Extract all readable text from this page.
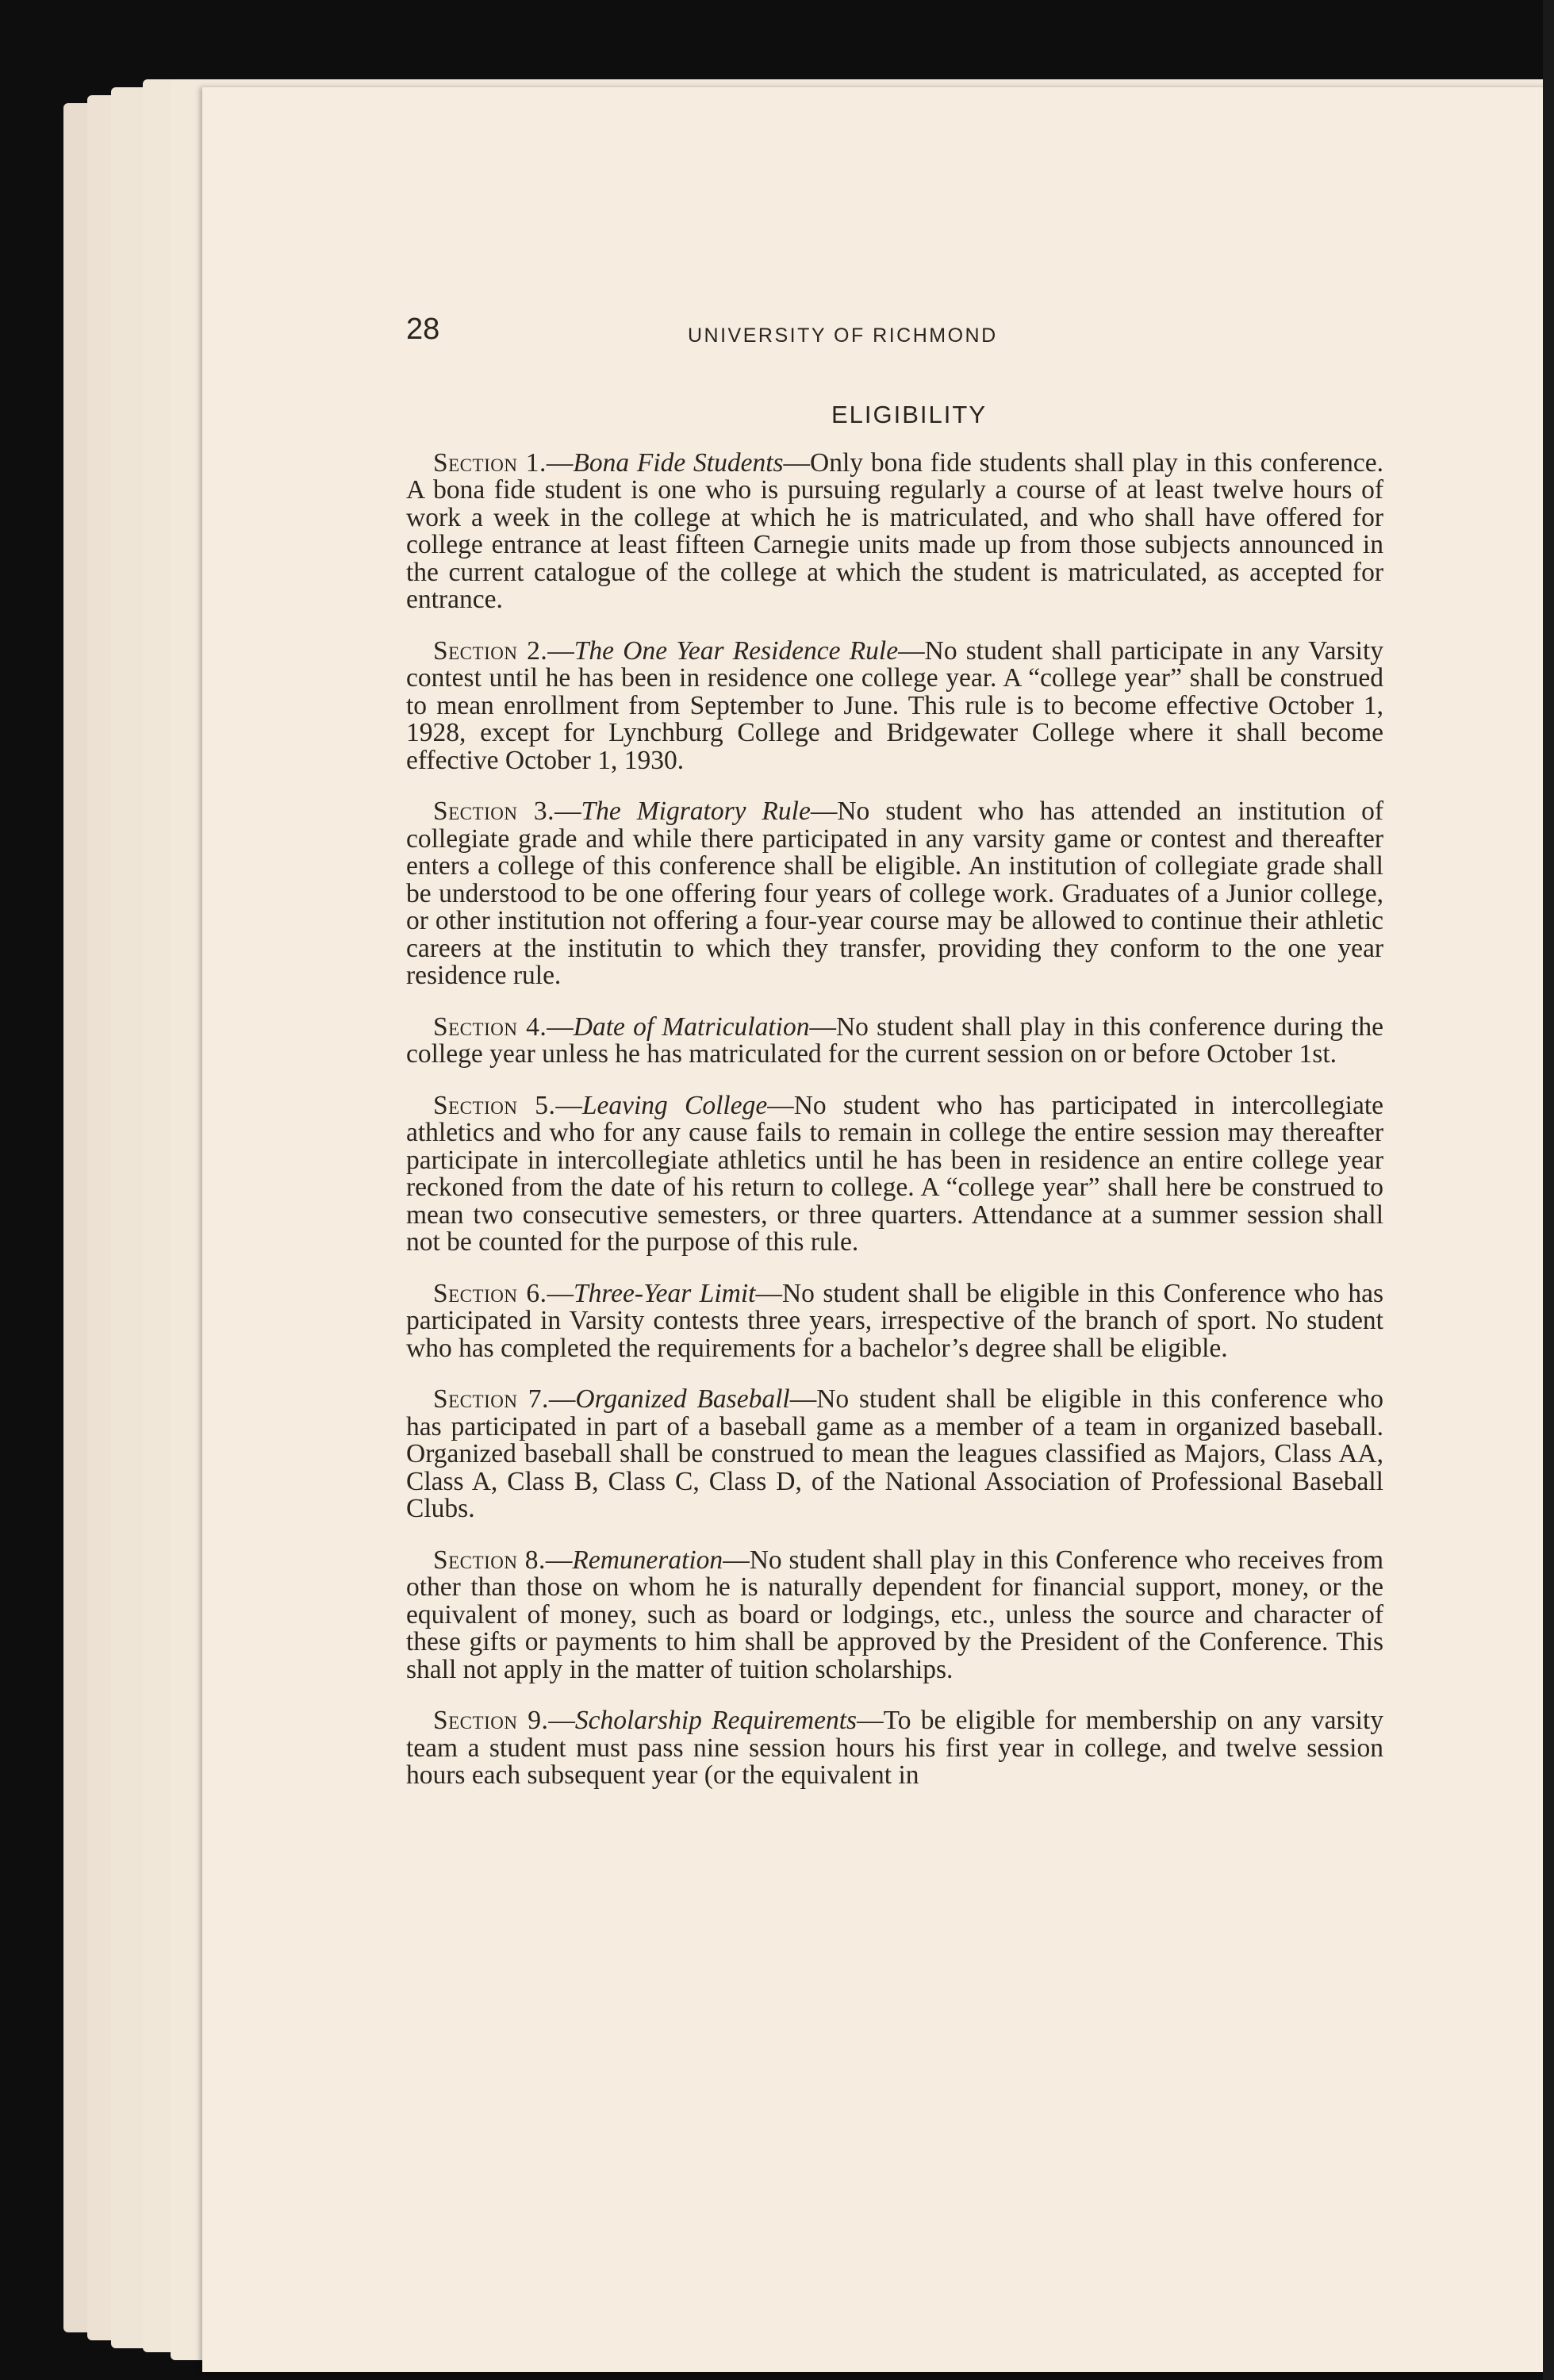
28	UNIVERSITY OF RICHMOND
ELIGIBILITY

Section 1.—Bona Fide Students—Only bona fide students shall play in this conference. A bona fide student is one who is pursuing regularly a course of at least twelve hours of work a week in the college at which he is matriculated, and who shall have offered for college entrance at least fifteen Carnegie units made up from those subjects announced in the current catalogue of the college at which the student is matriculated, as accepted for entrance.

Section 2.—The One Year Residence Rule—No student shall participate in any Varsity contest until he has been in residence one college year. A “college year” shall be construed to mean enrollment from September to June. This rule is to become effective October 1, 1928, except for Lynchburg College and Bridgewater College where it shall become effective October 1, 1930.

Section 3.—The Migratory Rule—No student who has attended an institution of collegiate grade and while there participated in any varsity game or contest and thereafter enters a college of this conference shall be eligible. An institution of collegiate grade shall be understood to be one offering four years of college work. Graduates of a Junior college, or other institution not offering a four-year course may be allowed to continue their athletic careers at the institutin to which they transfer, providing they conform to the one year residence rule.

Section 4.—Date of Matriculation—No student shall play in this conference during the college year unless he has matriculated for the current session on or before October 1st.

Section 5.—Leaving College—No student who has participated in intercollegiate athletics and who for any cause fails to remain in college the entire session may thereafter participate in intercollegiate athletics until he has been in residence an entire college year reckoned from the date of his return to college. A “college year” shall here be construed to mean two consecutive semesters, or three quarters. Attendance at a summer session shall not be counted for the purpose of this rule.

Section 6.—Three-Year Limit—No student shall be eligible in this Conference who has participated in Varsity contests three years, irrespective of the branch of sport. No student who has completed the requirements for a bachelor’s degree shall be eligible.

Section 7.—Organized Baseball—No student shall be eligible in this conference who has participated in part of a baseball game as a member of a team in organized baseball. Organized baseball shall be construed to mean the leagues classified as Majors, Class AA, Class A, Class B, Class C, Class D, of the National Association of Professional Baseball Clubs.

Section 8.—Remuneration—No student shall play in this Conference who receives from other than those on whom he is naturally dependent for financial support, money, or the equivalent of money, such as board or lodgings, etc., unless the source and character of these gifts or payments to him shall be approved by the President of the Conference. This shall not apply in the matter of tuition scholarships.

Section 9.—Scholarship Requirements—To be eligible for membership on any varsity team a student must pass nine session hours his first year in college, and twelve session hours each subsequent year (or the equivalent in
